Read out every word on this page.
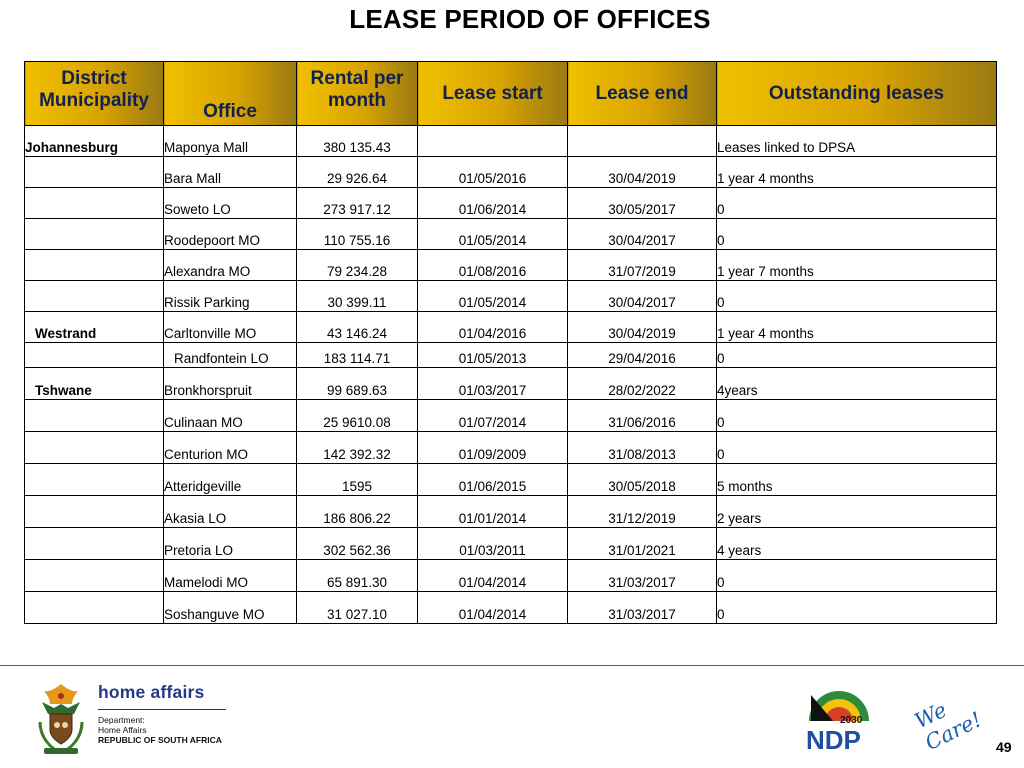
LEASE PERIOD OF OFFICES
District Municipality	Office	Rental per month	Lease start	Lease end	Outstanding leases
Johannesburg	Maponya Mall	380 135.43			Leases linked to DPSA
	Bara Mall	29 926.64	01/05/2016	30/04/2019	1 year 4 months
	Soweto LO	273 917.12	01/06/2014	30/05/2017	0
	Roodepoort MO	110 755.16	01/05/2014	30/04/2017	0
	Alexandra MO	79 234.28	01/08/2016	31/07/2019	1 year 7 months
	Rissik Parking	30 399.11	01/05/2014	30/04/2017	0
Westrand	Carltonville MO	43 146.24	01/04/2016	30/04/2019	1 year 4 months
	Randfontein LO	183 114.71	01/05/2013	29/04/2016	0
Tshwane	Bronkhorspruit	99 689.63	01/03/2017	28/02/2022	4years
	Culinaan MO	25 9610.08	01/07/2014	31/06/2016	0
	Centurion MO	142 392.32	01/09/2009	31/08/2013	0
	Atteridgeville	1595	01/06/2015	30/05/2018	5 months
	Akasia LO	186 806.22	01/01/2014	31/12/2019	2 years
	Pretoria LO	302 562.36	01/03/2011	31/01/2021	4 years
	Mamelodi MO	65 891.30	01/04/2014	31/03/2017	0
	Soshanguve MO	31 027.10	01/04/2014	31/03/2017	0
home affairs
Department:
Home Affairs
REPUBLIC OF SOUTH AFRICA
2030
NDP
We Care! 49
